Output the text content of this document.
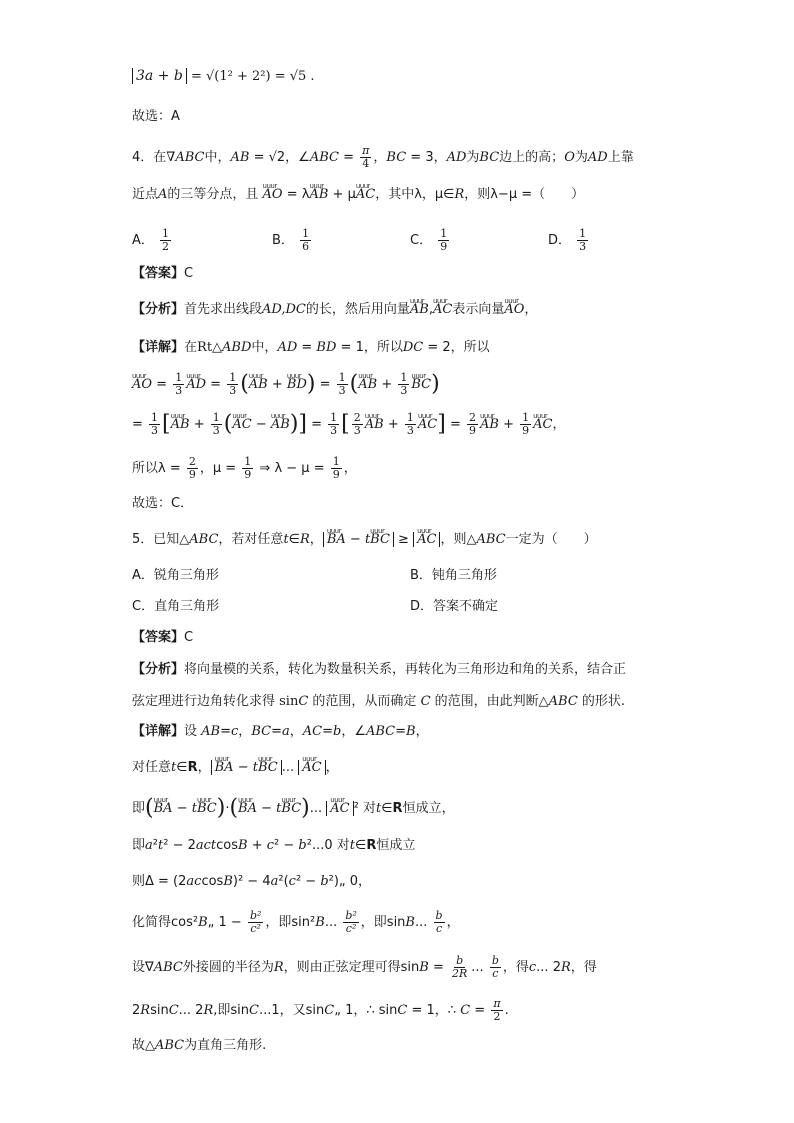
3a + b = √(1² + 2²) = √5 .
故选：A
4．在∇ABC中，AB = √2，∠ABC = $\frac{\pi}{4}$ ，BC = 3，AD为BC边上的高；O为AD上靠
近点A的三等分点，且 uuur AO = λuuur AB + μuuur AC，其中λ，μ∈R，则λ−μ =（　　）
A． $\frac{1}{2}$	B． $\frac{1}{6}$	C． $\frac{1}{9}$	D． $\frac{1}{3}$
【答案】C
【分析】首先求出线段AD,DC的长，然后用向量uuur AB,uuur AC表示向量uuur AO，
【详解】在Rt△ABD中，AD = BD = 1，所以DC = 2，所以
uuur AO = $\frac{1}{3}$ uuur AD = $\frac{1}{3}$ (uuur AB + uuur $BD) = \frac{1}{3}$ (uuur AB + $\frac{1}{3}$ uuur BC)
= $\frac{1}{3}$ [uuur AB + $\frac{1}{3}$ (uuur AC − uuur $AB)] = \frac{1}{3}$ [ $\frac{2}{3}$ uuur AB + $\frac{1}{3}$ uuur $AC] = \frac{2}{9}$ uuur AB + $\frac{1}{9}$ uuur AC，
所以$\lambda = \frac{2}{9}$ ，$\mu = \frac{1}{9}$ ⇒ $\lambda - \mu = \frac{1}{9}$ ，
故选：C．
5．已知△ABC，若对任意t∈R， uuur BA − tuuur BC ≥ uuur AC ，则△ABC一定为（　　）
A．锐角三角形	B．钝角三角形
C．直角三角形	D．答案不确定
【答案】C
【分析】将向量模的关系，转化为数量积关系，再转化为三角形边和角的关系，结合正
弦定理进行边角转化求得 sinC 的范围，从而确定 C 的范围，由此判断△ABC 的形状.
【详解】设 AB=c，BC=a，AC=b，∠ABC=B，
对任意t∈R， uuur BA − tuuur BC ... uuur AC ，
即(uuur BA − tuuur BC)·(uuur BA − tuuur BC)... uuur AC ² 对t∈R恒成立，
即a²t² − 2actcosB + c² − b²...0 对t∈R恒成立
则Δ = (2accosB)² − 4a²(c² − b²)„ 0，
化简得cos²B„ $1 - \frac{\text{b²}}{\text{c²}}$ ，即sin²B... $\frac{\text{b²}}{\text{c²}}$ ，即sinB... $\frac{b}{c}$ ，
设∇ABC外接圆的半径为R，则由正弦定理可得$\sin B = \frac{b}{2R}$ ... $\frac{b}{c}$ ，得c... 2R，得
2RsinC... 2R,即sinC...1，又sinC„ 1，∴ sinC = 1，∴ $C = \frac{\pi}{2}$ .
故△ABC为直角三角形.
